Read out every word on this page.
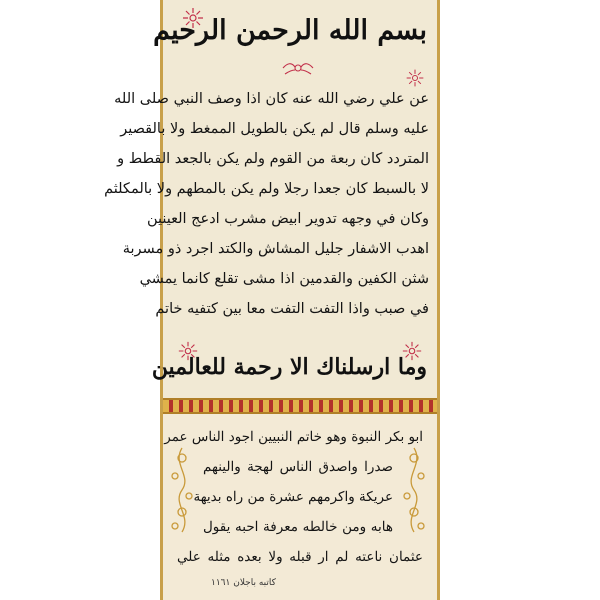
بسم الله الرحمن الرحيم
عن علي رضي الله عنه كان اذا وصف النبي صلى الله
عليه وسلم قال لم يكن بالطويل الممغط ولا بالقصير
المتردد كان ربعة من القوم ولم يكن بالجعد القطط و
لا بالسبط كان جعدا رجلا ولم يكن بالمطهم ولا بالمكلثم
وكان في وجهه تدوير ابيض مشرب ادعج العينين
اهدب الاشفار جليل المشاش والكتد اجرد ذو مسربة
شثن الكفين والقدمين اذا مشى تقلع كانما يمشي
في صبب واذا التفت التفت معا بين كتفيه خاتم
وما ارسلناك الا رحمة للعالمين
ابو بكر النبوة وهو خاتم النبيين اجود الناس عمر
صدرا واصدق الناس لهجة والينهم
عريكة واكرمهم عشرة من راه بديهة
هابه ومن خالطه معرفة احبه يقول
عثمان ناعته لم ار قبله ولا بعده مثله علي
كاتبه باجلان ١١٦١
